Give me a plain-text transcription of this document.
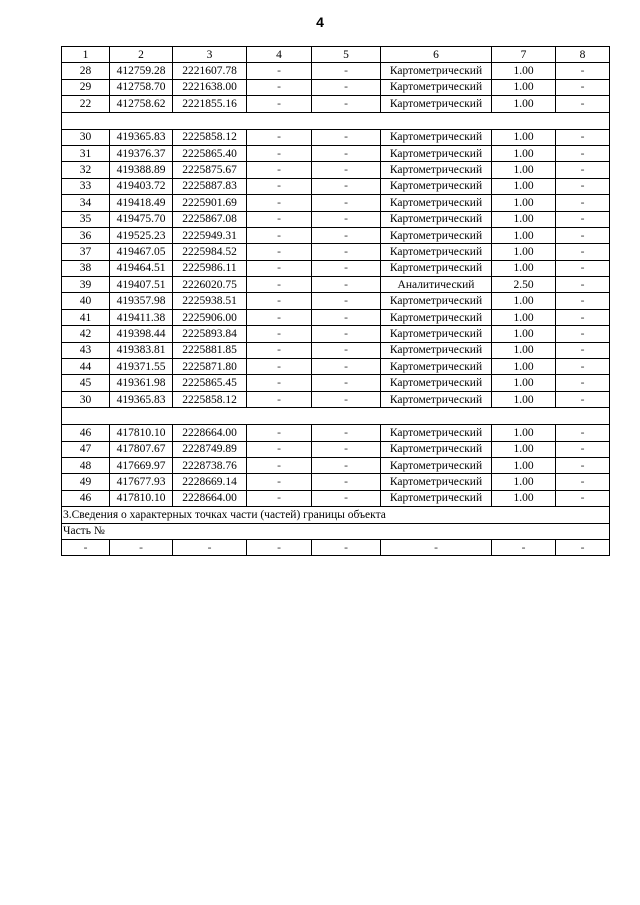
4
1	2	3	4	5	6	7	8
28	412759.28	2221607.78	-	-	Картометрический	1.00	-
29	412758.70	2221638.00	-	-	Картометрический	1.00	-
22	412758.62	2221855.16	-	-	Картометрический	1.00	-

30	419365.83	2225858.12	-	-	Картометрический	1.00	-
31	419376.37	2225865.40	-	-	Картометрический	1.00	-
32	419388.89	2225875.67	-	-	Картометрический	1.00	-
33	419403.72	2225887.83	-	-	Картометрический	1.00	-
34	419418.49	2225901.69	-	-	Картометрический	1.00	-
35	419475.70	2225867.08	-	-	Картометрический	1.00	-
36	419525.23	2225949.31	-	-	Картометрический	1.00	-
37	419467.05	2225984.52	-	-	Картометрический	1.00	-
38	419464.51	2225986.11	-	-	Картометрический	1.00	-
39	419407.51	2226020.75	-	-	Аналитический	2.50	-
40	419357.98	2225938.51	-	-	Картометрический	1.00	-
41	419411.38	2225906.00	-	-	Картометрический	1.00	-
42	419398.44	2225893.84	-	-	Картометрический	1.00	-
43	419383.81	2225881.85	-	-	Картометрический	1.00	-
44	419371.55	2225871.80	-	-	Картометрический	1.00	-
45	419361.98	2225865.45	-	-	Картометрический	1.00	-
30	419365.83	2225858.12	-	-	Картометрический	1.00	-

46	417810.10	2228664.00	-	-	Картометрический	1.00	-
47	417807.67	2228749.89	-	-	Картометрический	1.00	-
48	417669.97	2228738.76	-	-	Картометрический	1.00	-
49	417677.93	2228669.14	-	-	Картометрический	1.00	-
46	417810.10	2228664.00	-	-	Картометрический	1.00	-
3.Сведения о характерных точках части (частей) границы объекта							
Часть №							
-	-	-	-	-	-	-	-
